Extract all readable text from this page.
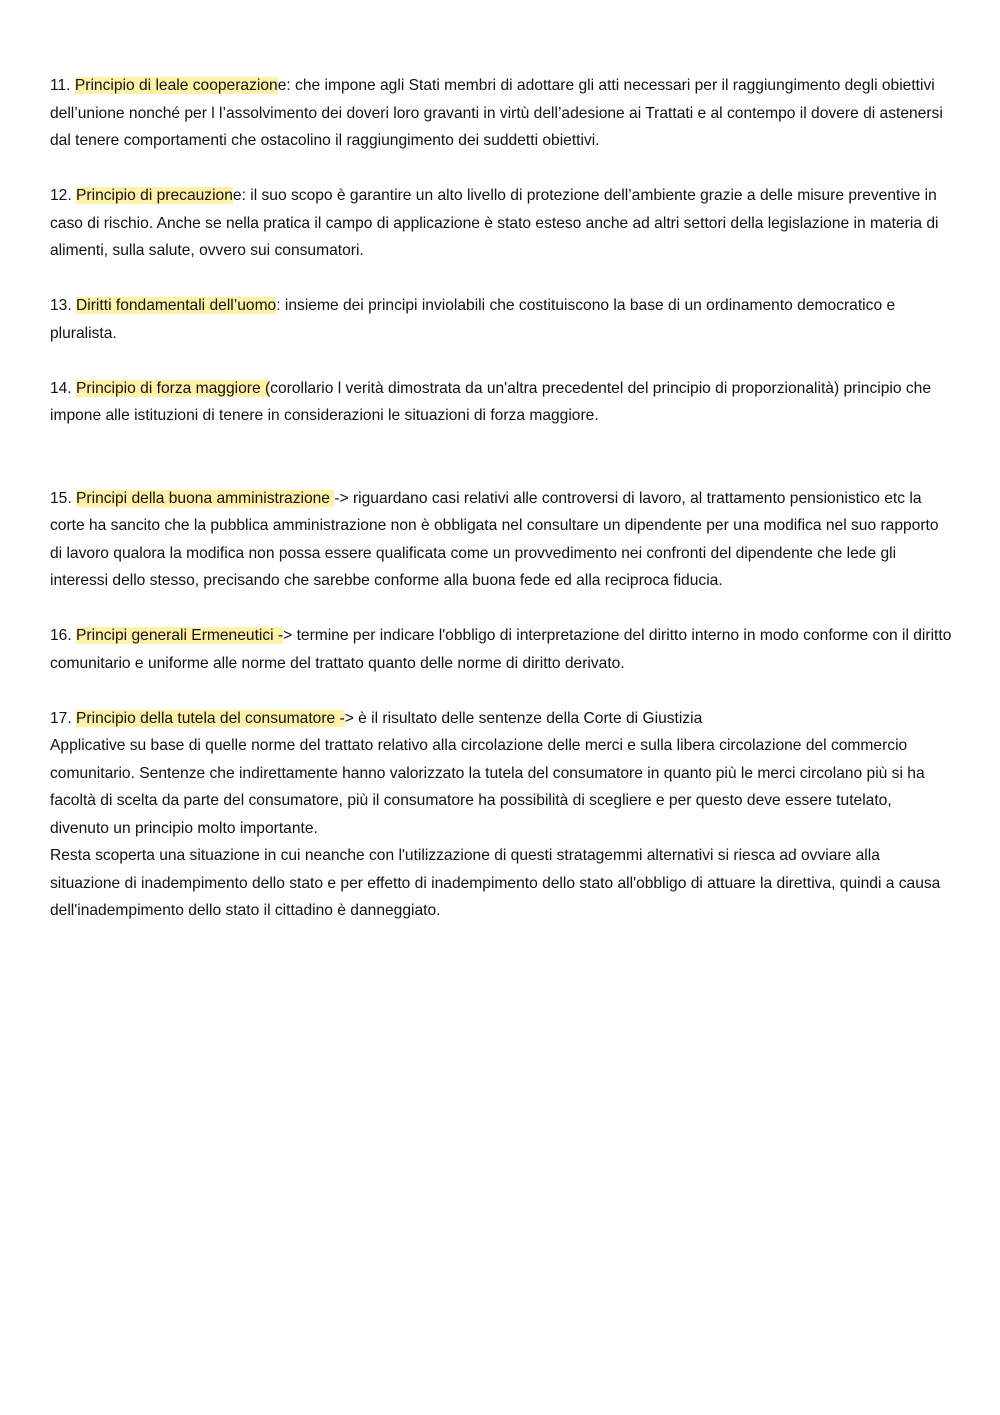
11. Principio di leale cooperazione: che impone agli Stati membri di adottare gli atti necessari per il raggiungimento degli obiettivi dell’unione nonché per l l’assolvimento dei doveri loro gravanti in virtù dell’adesione ai Trattati e al contempo il dovere di astenersi dal tenere comportamenti che ostacolino il raggiungimento dei suddetti obiettivi.

12. Principio di precauzione: il suo scopo è garantire un alto livello di protezione dell’ambiente grazie a delle misure preventive in caso di rischio. Anche se nella pratica il campo di applicazione è stato esteso anche ad altri settori della legislazione in materia di alimenti, sulla salute, ovvero sui consumatori.

13. Diritti fondamentali dell’uomo: insieme dei principi inviolabili che costituiscono la base di un ordinamento democratico e pluralista.

14. Principio di forza maggiore (corollario l verità dimostrata da un'altra precedentel del principio di proporzionalità) principio che impone alle istituzioni di tenere in considerazioni le situazioni di forza maggiore.

15. Principi della buona amministrazione -> riguardano casi relativi alle controversi di lavoro, al trattamento pensionistico etc la corte ha sancito che la pubblica amministrazione non è obbligata nel consultare un dipendente per una modifica nel suo rapporto di lavoro qualora la modifica non possa essere qualificata come un provvedimento nei confronti del dipendente che lede gli interessi dello stesso, precisando che sarebbe conforme alla buona fede ed alla reciproca fiducia.

16. Principi generali Ermeneutici -> termine per indicare l'obbligo di interpretazione del diritto interno in modo conforme con il diritto comunitario e uniforme alle norme del trattato quanto delle norme di diritto derivato.

17. Principio della tutela del consumatore -> è il risultato delle sentenze della Corte di Giustizia

Applicative su base di quelle norme del trattato relativo alla circolazione delle merci e sulla libera circolazione del commercio comunitario. Sentenze che indirettamente hanno valorizzato la tutela del consumatore in quanto più le merci circolano più si ha facoltà di scelta da parte del consumatore, più il consumatore ha possibilità di scegliere e per questo deve essere tutelato, divenuto un principio molto importante.

Resta scoperta una situazione in cui neanche con l'utilizzazione di questi stratagemmi alternativi si riesca ad ovviare alla situazione di inadempimento dello stato e per effetto di inadempimento dello stato all'obbligo di attuare la direttiva, quindi a causa dell'inadempimento dello stato il cittadino è danneggiato.
